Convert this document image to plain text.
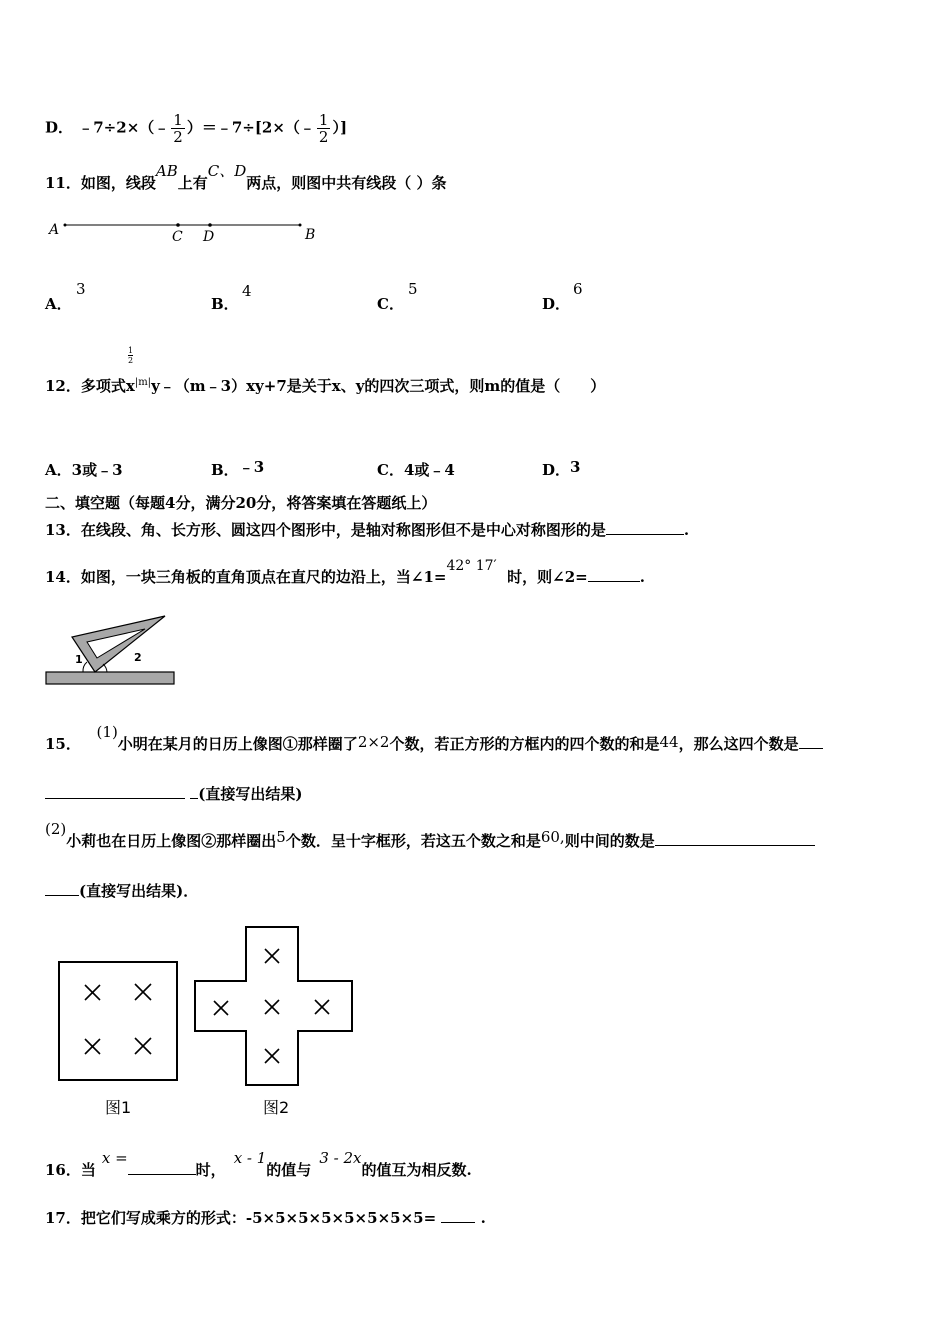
D． ﹣7÷2×（﹣ $\frac{1}{2}$ ）＝﹣7÷[2×（﹣ $\frac{1}{2}$ ）]
11．如图，线段AB上有C、D两点，则图中共有线段（ ）条
A	C D	B
A．
3
B．
4
C．
5
D．
6
1
2
12．多项式$x^{|m|}y﹣(m﹣3)xy+7$是关于x、y的四次三项式，则m的值是（　　）
A．3或﹣3	B．﹣3	C．4或﹣4	D．3
二、填空题（每题4分，满分20分，将答案填在答题纸上）
13．在线段、角、长方形、圆这四个图形中，是轴对称图形但不是中心对称图形的是	.
14．如图，一块三角板的直角顶点在直尺的边沿上，当∠1=42° 17′  时，则∠2=	.
1	2
15．   (1)小明在某月的日历上像图①那样圈了2×2个数，若正方形的方框内的四个数的和是44，那么这四个数是
(直接写出结果)
(2)小莉也在日历上像图②那样圈出5个数．呈十字框形，若这五个数之和是60,则中间的数是
(直接写出结果)．
图1	图2
16．当x =时，x - 1的值与3 - 2x的值互为相反数.
17．把它们写成乘方的形式：-5×5×5×5×5×5×5×5=	.
